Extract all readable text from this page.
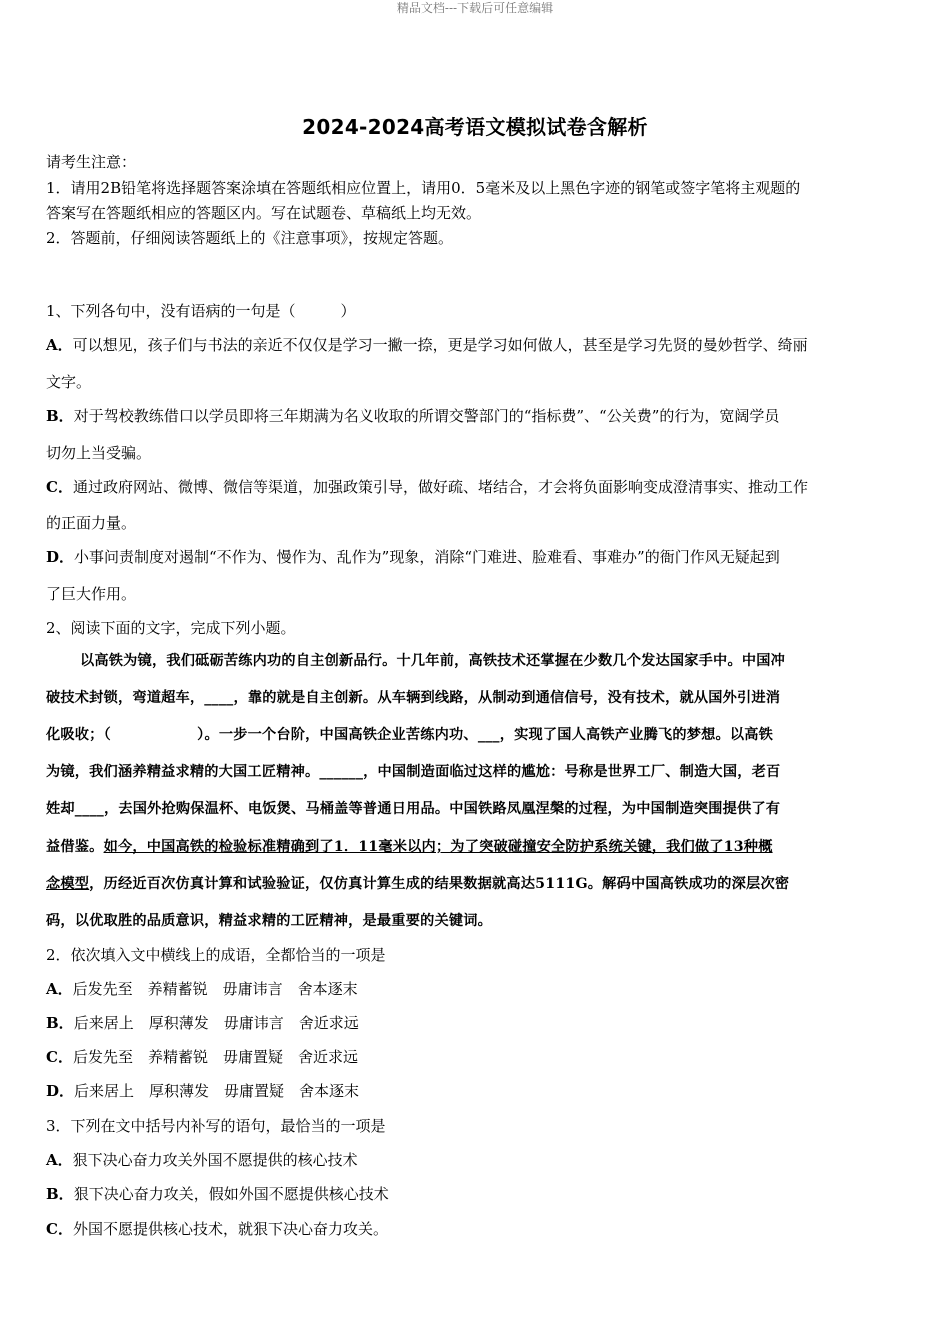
精品文档---下载后可任意编辑
2024-2024高考语文模拟试卷含解析
请考生注意：
1．请用2B铅笔将选择题答案涂填在答题纸相应位置上，请用0．5毫米及以上黑色字迹的钢笔或签字笔将主观题的
答案写在答题纸相应的答题区内。写在试题卷、草稿纸上均无效。
2．答题前，仔细阅读答题纸上的《注意事项》，按规定答题。
1、下列各句中，没有语病的一句是（　　　）
A．可以想见，孩子们与书法的亲近不仅仅是学习一撇一捺，更是学习如何做人，甚至是学习先贤的曼妙哲学、绮丽
文字。
B．对于驾校教练借口以学员即将三年期满为名义收取的所谓交警部门的“指标费”、“公关费”的行为，宽阔学员
切勿上当受骗。
C．通过政府网站、微博、微信等渠道，加强政策引导，做好疏、堵结合，才会将负面影响变成澄清事实、推动工作
的正面力量。
D．小事问责制度对遏制“不作为、慢作为、乱作为”现象，消除“门难进、脸难看、事难办”的衙门作风无疑起到
了巨大作用。
2、阅读下面的文字，完成下列小题。
以高铁为镜，我们砥砺苦练内功的自主创新品行。十几年前，高铁技术还掌握在少数几个发达国家手中。中国冲
破技术封锁，弯道超车，____，靠的就是自主创新。从车辆到线路，从制动到通信信号，没有技术，就从国外引进消
化吸收；（　　　　　　）。一步一个台阶，中国高铁企业苦练内功、___，实现了国人高铁产业腾飞的梦想。以高铁
为镜，我们涵养精益求精的大国工匠精神。______，中国制造面临过这样的尴尬：号称是世界工厂、制造大国，老百
姓却____，去国外抢购保温杯、电饭煲、马桶盖等普通日用品。中国铁路凤凰涅槃的过程，为中国制造突围提供了有
益借鉴。如今，中国高铁的检验标准精确到了1．11毫米以内；为了突破碰撞安全防护系统关键，我们做了13种概
念模型，历经近百次仿真计算和试验验证，仅仿真计算生成的结果数据就高达5111G。解码中国高铁成功的深层次密
码，以优取胜的品质意识，精益求精的工匠精神，是最重要的关键词。
2．依次填入文中横线上的成语，全都恰当的一项是
A．后发先至　养精蓄锐　毋庸讳言　舍本逐末
B．后来居上　厚积薄发　毋庸讳言　舍近求远
C．后发先至　养精蓄锐　毋庸置疑　舍近求远
D．后来居上　厚积薄发　毋庸置疑　舍本逐末
3．下列在文中括号内补写的语句，最恰当的一项是
A．狠下决心奋力攻关外国不愿提供的核心技术
B．狠下决心奋力攻关，假如外国不愿提供核心技术
C．外国不愿提供核心技术，就狠下决心奋力攻关。
